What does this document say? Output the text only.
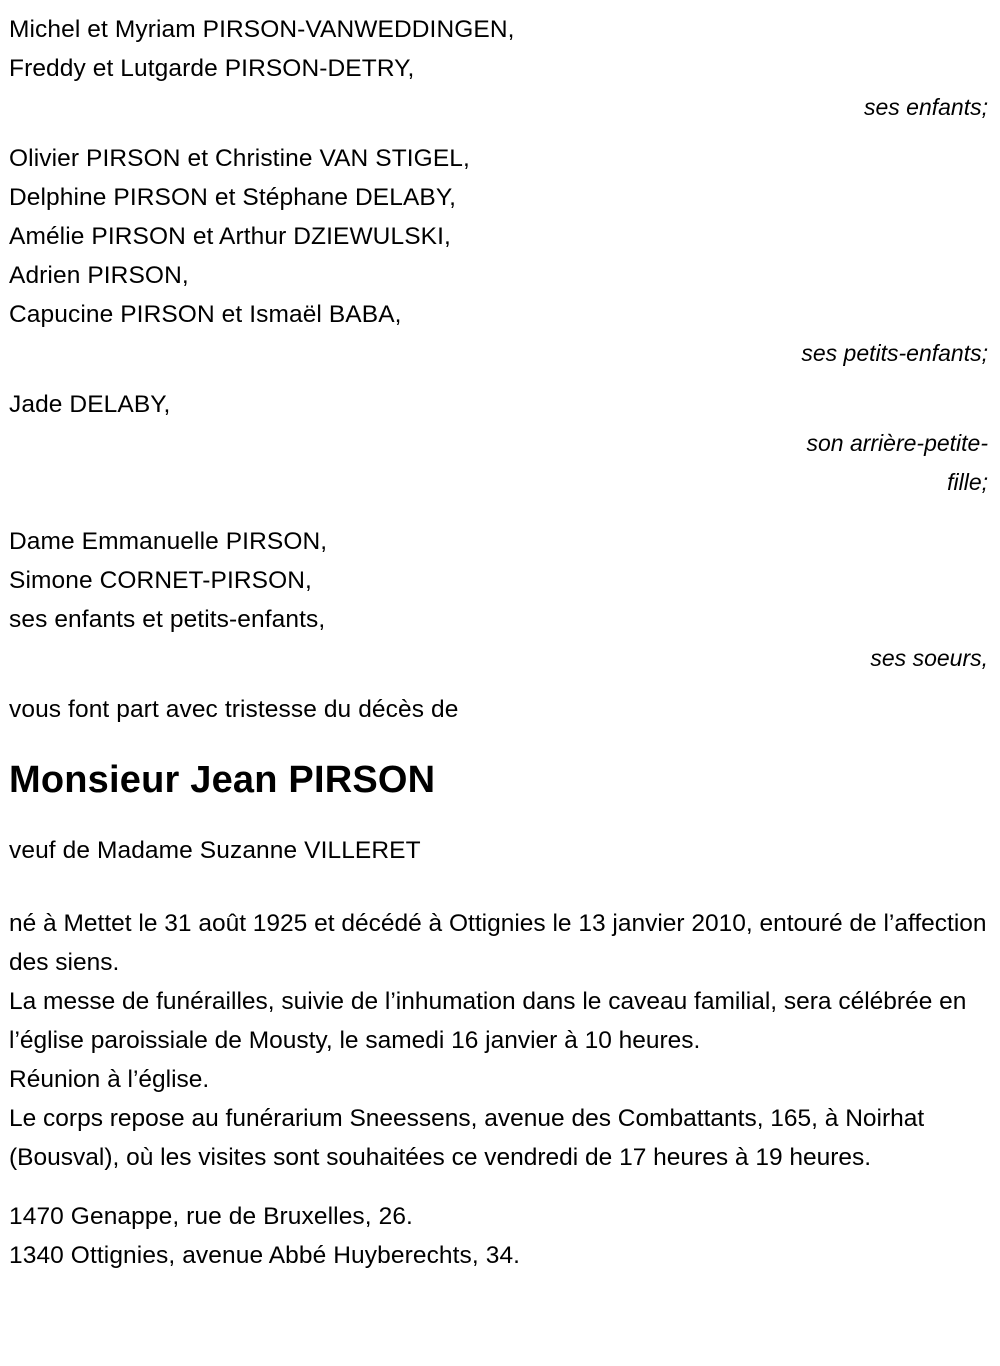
Michel et Myriam PIRSON-VANWEDDINGEN,
Freddy et Lutgarde PIRSON-DETRY,
ses enfants;
Olivier PIRSON et Christine VAN STIGEL,
Delphine PIRSON et Stéphane DELABY,
Amélie PIRSON et Arthur DZIEWULSKI,
Adrien PIRSON,
Capucine PIRSON et Ismaël BABA,
ses petits-enfants;
Jade DELABY,
son arrière-petite-
fille;
Dame Emmanuelle PIRSON,
Simone CORNET-PIRSON,
ses enfants et petits-enfants,
ses soeurs,
vous font part avec tristesse du décès de
Monsieur Jean PIRSON
veuf de Madame Suzanne VILLERET

né à Mettet le 31 août 1925 et décédé à Ottignies le 13 janvier 2010, entouré de l’affection des siens.

La messe de funérailles, suivie de l’inhumation dans le caveau familial, sera célébrée en l’église paroissiale de Mousty, le samedi 16 janvier à 10 heures.

Réunion à l’église.

Le corps repose au funérarium Sneessens, avenue des Combattants, 165, à Noirhat (Bousval), où les visites sont souhaitées ce vendredi de 17 heures à 19 heures.

1470 Genappe, rue de Bruxelles, 26.
1340 Ottignies, avenue Abbé Huyberechts, 34.
